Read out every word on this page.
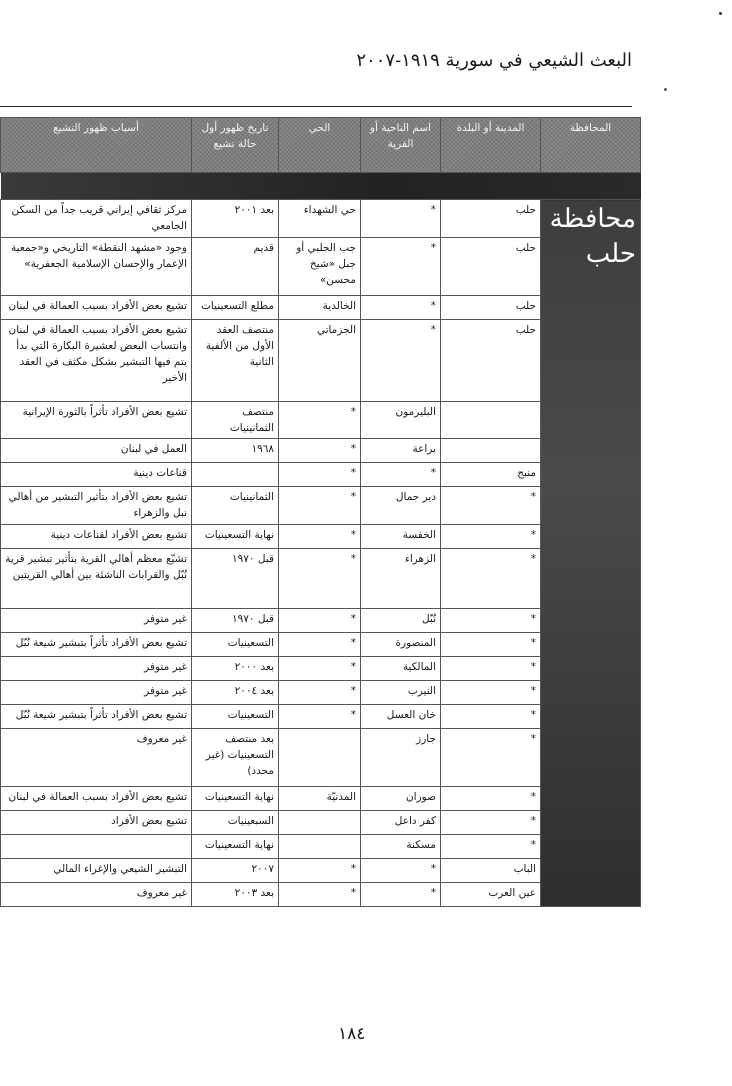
البعث الشيعي في سورية ١٩١٩-٢٠٠٧
المحافظة	المدينة أو البلدة	اسم الناحية أو القرية	الحي	تاريخ ظهور أول حالة تشيع	أسباب ظهور التشيع

محافظة حلب	حلب	*	حي الشهداء	بعد ٢٠٠١	مركز ثقافي إيراني قريب جداً من السكن الجامعي
	حلب	*	جب الجلبي أو جبل «شيخ محسن»	قديم	وجود «مشهد النقطة» التاريخي و«جمعية الإعمار والإحسان الإسلامية الجعفرية»
	حلب	*	الخالدية	مطلع التسعينيات	تشيع بعض الأفراد بسبب العمالة في لبنان
	حلب	*	الجزماتي	منتصف العقد الأول من الألفية الثانية	تشيع بعض الأفراد بسبب العمالة في لبنان وانتساب البعض لعشيرة البكارة التي بدأ يتم فيها التبشير بشكل مكثف في العقد الأخير
		البليرمون	*	منتصف الثمانينيات	تشيع بعض الأفراد تأثراً بالثورة الإيرانية
		براعة	*	١٩٦٨	العمل في لبنان
	منبج	*	*		قناعات دينية
	*	دير جمال	*	الثمانينيات	تشيع بعض الأفراد بتأثير التبشير من أهالي نبل والزهراء
	*	الخفسة	*	نهاية التسعينيات	تشيع بعض الأفراد لقناعات دينية
	*	الزهراء	*	قبل ١٩٧٠	تشيّع معظم أهالي القرية بتأثير تبشير قرية نُبّل والقرابات الناشئة بين أهالي القريتين
	*	نُبّل	*	قبل ١٩٧٠	غير متوفر
	*	المنصورة	*	التسعينيات	تشيع بعض الأفراد تأثراً بتبشير شيعة نُبّل
	*	المالكية	*	بعد ٢٠٠٠	غير متوفر
	*	النيرب	*	بعد ٢٠٠٤	غير متوفر
	*	خان العسل	*	التسعينيات	تشيع بعض الأفراد تأثراً بتبشير شيعة نُبّل
	*	جارز		بعد منتصف التسعينيات (غير محدد)	غير معروف
	*	صوران	المدنيّة	نهاية التسعينيات	تشيع بعض الأفراد بسبب العمالة في لبنان
	*	كفر داعل		السبعينيات	تشيع بعض الأفراد
	*	مسكنة		نهاية التسعينيات	
	الباب	*	*	٢٠٠٧	التبشير الشيعي والإغراء المالي
	عين العرب	*	*	بعد ٢٠٠٣	غير معروف
١٨٤
